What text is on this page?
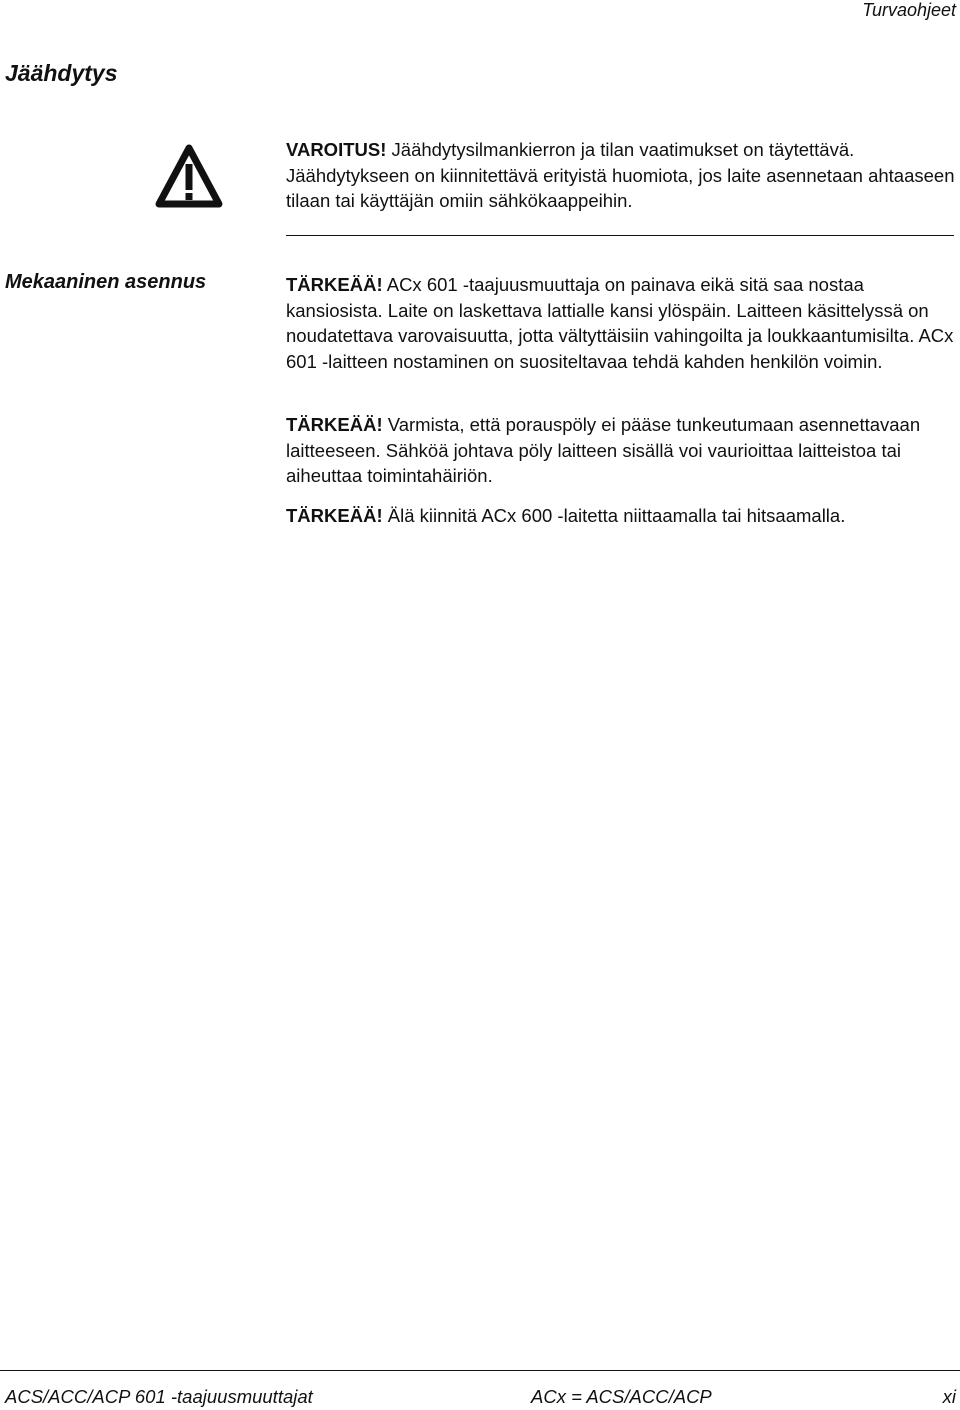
Turvaohjeet
Jäähdytys

VAROITUS! Jäähdytysilmankierron ja tilan vaatimukset on täytettävä. Jäähdytykseen on kiinnitettävä erityistä huomiota, jos laite asennetaan ahtaaseen tilaan tai käyttäjän omiin sähkökaappeihin.

Mekaaninen asennus	TÄRKEÄÄ! ACx 601 -taajuusmuuttaja on painava eikä sitä saa nostaa kansiosista. Laite on laskettava lattialle kansi ylöspäin. Laitteen käsittelyssä on noudatettava varovaisuutta, jotta vältyttäisiin vahingoilta ja loukkaantumisilta. ACx 601 -laitteen nostaminen on suositeltavaa tehdä kahden henkilön voimin.

TÄRKEÄÄ! Varmista, että porauspöly ei pääse tunkeutumaan asennettavaan laitteeseen. Sähköä johtava pöly laitteen sisällä voi vaurioittaa laitteistoa tai aiheuttaa toimintahäiriön.

TÄRKEÄÄ! Älä kiinnitä ACx 600 -laitetta niittaamalla tai hitsaamalla.

ACS/ACC/ACP 601 -taajuusmuuttajat	ACx = ACS/ACC/ACP	xi
